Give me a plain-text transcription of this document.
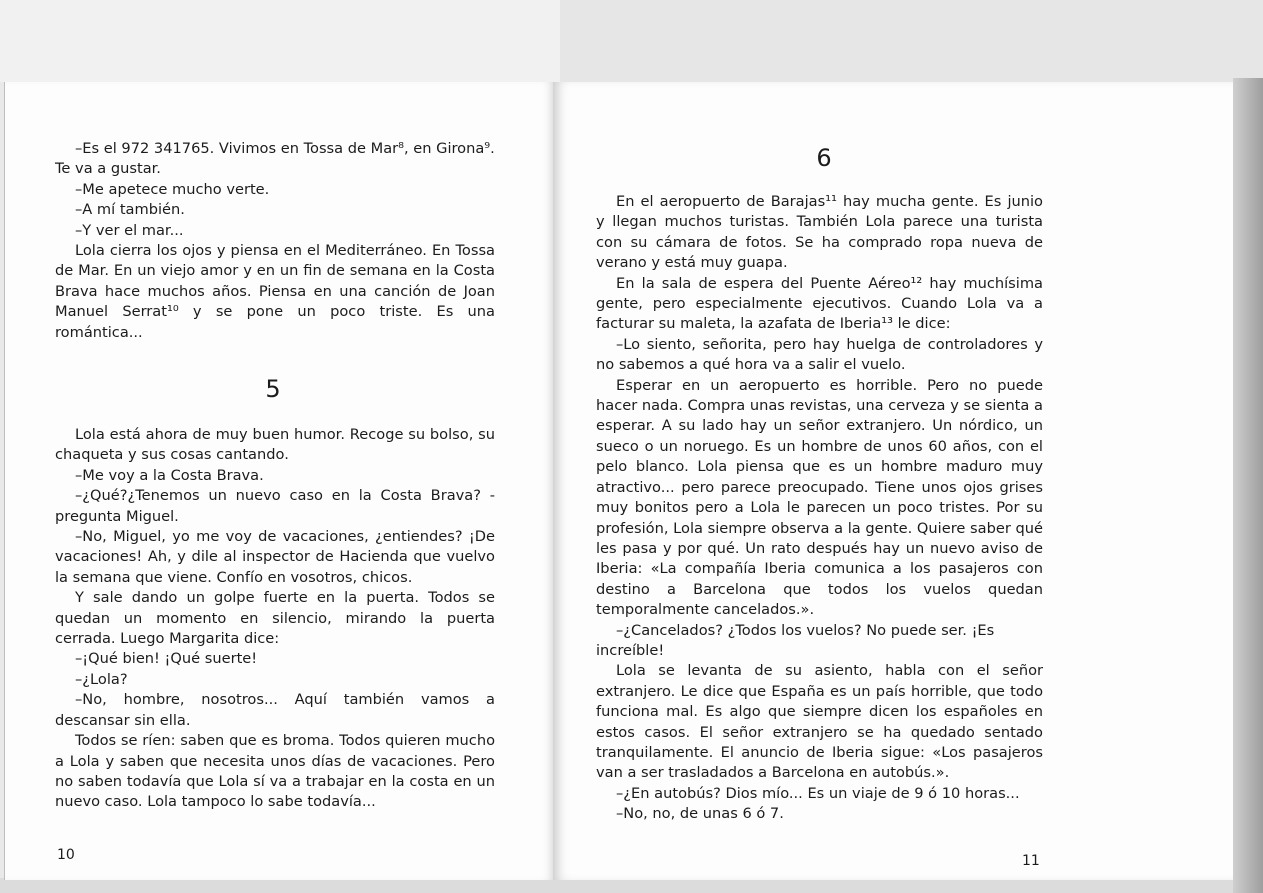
–Es el 972 341765. Vivimos en Tossa de Mar⁸, en Girona⁹. Te va a gustar.

–Me apetece mucho verte.

–A mí también.

–Y ver el mar...

Lola cierra los ojos y piensa en el Mediterráneo. En Tossa de Mar. En un viejo amor y en un fin de semana en la Costa Brava hace muchos años. Piensa en una canción de Joan Manuel Serrat¹⁰ y se pone un poco triste. Es una romántica...

5

Lola está ahora de muy buen humor. Recoge su bolso, su chaqueta y sus cosas cantando.

–Me voy a la Costa Brava.

–¿Qué?¿Tenemos un nuevo caso en la Costa Brava? -pregunta Miguel.

–No, Miguel, yo me voy de vacaciones, ¿entiendes? ¡De vacaciones! Ah, y dile al inspector de Hacienda que vuelvo la semana que viene. Confío en vosotros, chicos.

Y sale dando un golpe fuerte en la puerta. Todos se quedan un momento en silencio, mirando la puerta cerrada. Luego Margarita dice:

–¡Qué bien! ¡Qué suerte!

–¿Lola?

–No, hombre, nosotros... Aquí también vamos a descansar sin ella.

Todos se ríen: saben que es broma. Todos quieren mucho a Lola y saben que necesita unos días de vacaciones. Pero no saben todavía que Lola sí va a trabajar en la costa en un nuevo caso. Lola tampoco lo sabe todavía...

10
6

En el aeropuerto de Barajas¹¹ hay mucha gente. Es junio y llegan muchos turistas. También Lola parece una turista con su cámara de fotos. Se ha comprado ropa nueva de verano y está muy guapa.

En la sala de espera del Puente Aéreo¹² hay muchísima gente, pero especialmente ejecutivos. Cuando Lola va a facturar su maleta, la azafata de Iberia¹³ le dice:

–Lo siento, señorita, pero hay huelga de controladores y no sabemos a qué hora va a salir el vuelo.

Esperar en un aeropuerto es horrible. Pero no puede hacer nada. Compra unas revistas, una cerveza y se sienta a esperar. A su lado hay un señor extranjero. Un nórdico, un sueco o un noruego. Es un hombre de unos 60 años, con el pelo blanco. Lola piensa que es un hombre maduro muy atractivo... pero parece preocupado. Tiene unos ojos grises muy bonitos pero a Lola le parecen un poco tristes. Por su profesión, Lola siempre observa a la gente. Quiere saber qué les pasa y por qué. Un rato después hay un nuevo aviso de Iberia: «La compañía Iberia comunica a los pasajeros con destino a Barcelona que todos los vuelos quedan temporalmente cancelados.».

–¿Cancelados? ¿Todos los vuelos? No puede ser. ¡Es increíble!

Lola se levanta de su asiento, habla con el señor extranjero. Le dice que España es un país horrible, que todo funciona mal. Es algo que siempre dicen los españoles en estos casos. El señor extranjero se ha quedado sentado tranquilamente. El anuncio de Iberia sigue: «Los pasajeros van a ser trasladados a Barcelona en autobús.».

–¿En autobús? Dios mío... Es un viaje de 9 ó 10 horas...

–No, no, de unas 6 ó 7.

11
